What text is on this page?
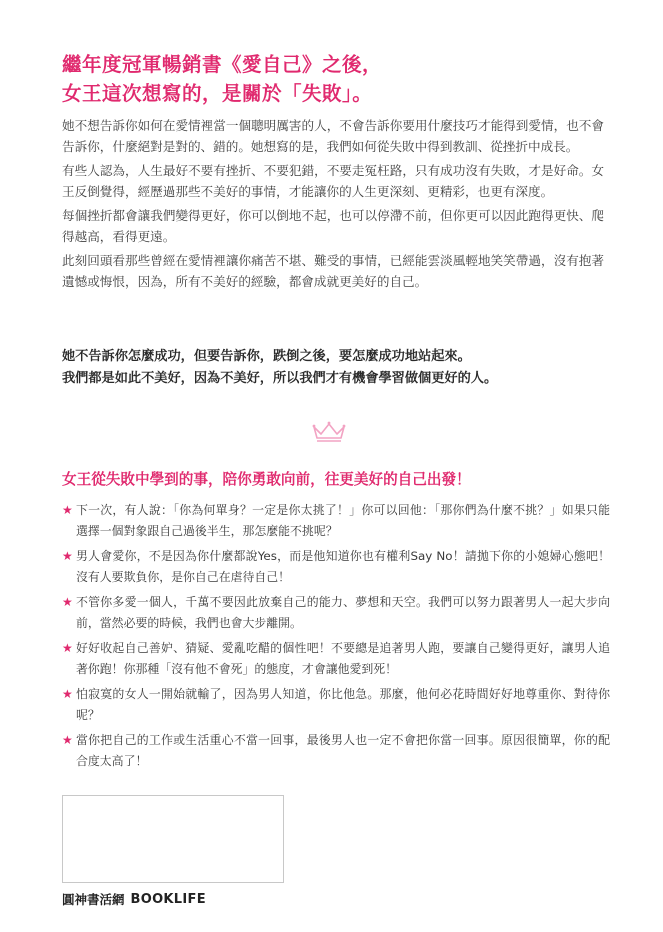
繼年度冠軍暢銷書《愛自己》之後，
女王這次想寫的，是關於「失敗」。

她不想告訴你如何在愛情裡當一個聰明厲害的人，不會告訴你要用什麼技巧才能得到愛情，也不會告訴你，什麼絕對是對的、錯的。她想寫的是，我們如何從失敗中得到教訓、從挫折中成長。

有些人認為，人生最好不要有挫折、不要犯錯，不要走冤枉路，只有成功沒有失敗，才是好命。女王反倒覺得，經歷過那些不美好的事情，才能讓你的人生更深刻、更精彩，也更有深度。

每個挫折都會讓我們變得更好，你可以倒地不起，也可以停滯不前，但你更可以因此跑得更快、爬得越高，看得更遠。

此刻回頭看那些曾經在愛情裡讓你痛苦不堪、難受的事情，已經能雲淡風輕地笑笑帶過，沒有抱著遺憾或悔恨，因為，所有不美好的經驗，都會成就更美好的自己。

她不告訴你怎麼成功，但要告訴你，跌倒之後，要怎麼成功地站起來。
我們都是如此不美好，因為不美好，所以我們才有機會學習做個更好的人。
女王從失敗中學到的事，陪你勇敢向前，往更美好的自己出發！
★ 下一次，有人說：「你為何單身？一定是你太挑了！」你可以回他：「那你們為什麼不挑？」如果只能選擇一個對象跟自己過後半生，那怎麼能不挑呢？
★ 男人會愛你，不是因為你什麼都說Yes，而是他知道你也有權利Say No！請拋下你的小媳婦心態吧！沒有人要欺負你，是你自己在虐待自己！
★ 不管你多愛一個人，千萬不要因此放棄自己的能力、夢想和天空。我們可以努力跟著男人一起大步向前，當然必要的時候，我們也會大步離開。
★ 好好收起自己善妒、猜疑、愛亂吃醋的個性吧！不要總是追著男人跑，要讓自己變得更好，讓男人追著你跑！你那種「沒有他不會死」的態度，才會讓他愛到死！
★ 怕寂寞的女人一開始就輸了，因為男人知道，你比他急。那麼，他何必花時間好好地尊重你、對待你呢？
★ 當你把自己的工作或生活重心不當一回事，最後男人也一定不會把你當一回事。原因很簡單，你的配合度太高了！
圓神書活網 BOOKLIFE
